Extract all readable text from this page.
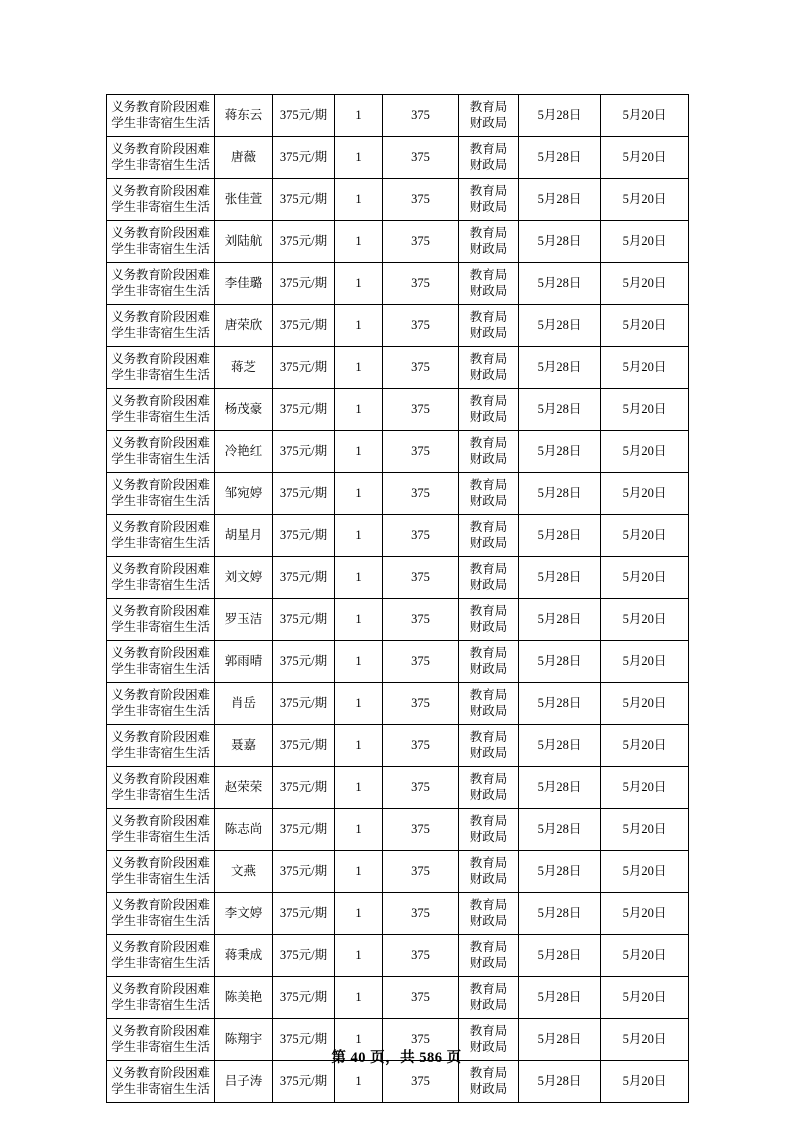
义务教育阶段困难
学生非寄宿生生活	蒋东云	375元/期	1	375	教育局
财政局	5月28日	5月20日

义务教育阶段困难
学生非寄宿生生活	唐薇	375元/期	1	375	教育局
财政局	5月28日	5月20日

义务教育阶段困难
学生非寄宿生生活	张佳萱	375元/期	1	375	教育局
财政局	5月28日	5月20日

义务教育阶段困难
学生非寄宿生生活	刘陆航	375元/期	1	375	教育局
财政局	5月28日	5月20日

义务教育阶段困难
学生非寄宿生生活	李佳璐	375元/期	1	375	教育局
财政局	5月28日	5月20日

义务教育阶段困难
学生非寄宿生生活	唐荣欣	375元/期	1	375	教育局
财政局	5月28日	5月20日

义务教育阶段困难
学生非寄宿生生活	蒋芝	375元/期	1	375	教育局
财政局	5月28日	5月20日

义务教育阶段困难
学生非寄宿生生活	杨茂豪	375元/期	1	375	教育局
财政局	5月28日	5月20日

义务教育阶段困难
学生非寄宿生生活	冷艳红	375元/期	1	375	教育局
财政局	5月28日	5月20日

义务教育阶段困难
学生非寄宿生生活	邹宛婷	375元/期	1	375	教育局
财政局	5月28日	5月20日

义务教育阶段困难
学生非寄宿生生活	胡星月	375元/期	1	375	教育局
财政局	5月28日	5月20日

义务教育阶段困难
学生非寄宿生生活	刘文婷	375元/期	1	375	教育局
财政局	5月28日	5月20日

义务教育阶段困难
学生非寄宿生生活	罗玉洁	375元/期	1	375	教育局
财政局	5月28日	5月20日

义务教育阶段困难
学生非寄宿生生活	郭雨晴	375元/期	1	375	教育局
财政局	5月28日	5月20日

义务教育阶段困难
学生非寄宿生生活	肖岳	375元/期	1	375	教育局
财政局	5月28日	5月20日

义务教育阶段困难
学生非寄宿生生活	聂嘉	375元/期	1	375	教育局
财政局	5月28日	5月20日

义务教育阶段困难
学生非寄宿生生活	赵荣荣	375元/期	1	375	教育局
财政局	5月28日	5月20日

义务教育阶段困难
学生非寄宿生生活	陈志尚	375元/期	1	375	教育局
财政局	5月28日	5月20日

义务教育阶段困难
学生非寄宿生生活	文燕	375元/期	1	375	教育局
财政局	5月28日	5月20日

义务教育阶段困难
学生非寄宿生生活	李文婷	375元/期	1	375	教育局
财政局	5月28日	5月20日

义务教育阶段困难
学生非寄宿生生活	蒋秉成	375元/期	1	375	教育局
财政局	5月28日	5月20日

义务教育阶段困难
学生非寄宿生生活	陈美艳	375元/期	1	375	教育局
财政局	5月28日	5月20日

义务教育阶段困难
学生非寄宿生生活	陈翔宇	375元/期	1	375	教育局
财政局	5月28日	5月20日

义务教育阶段困难
学生非寄宿生生活	吕子涛	375元/期	1	375	教育局
财政局	5月28日	5月20日
第 40 页，共 586 页
